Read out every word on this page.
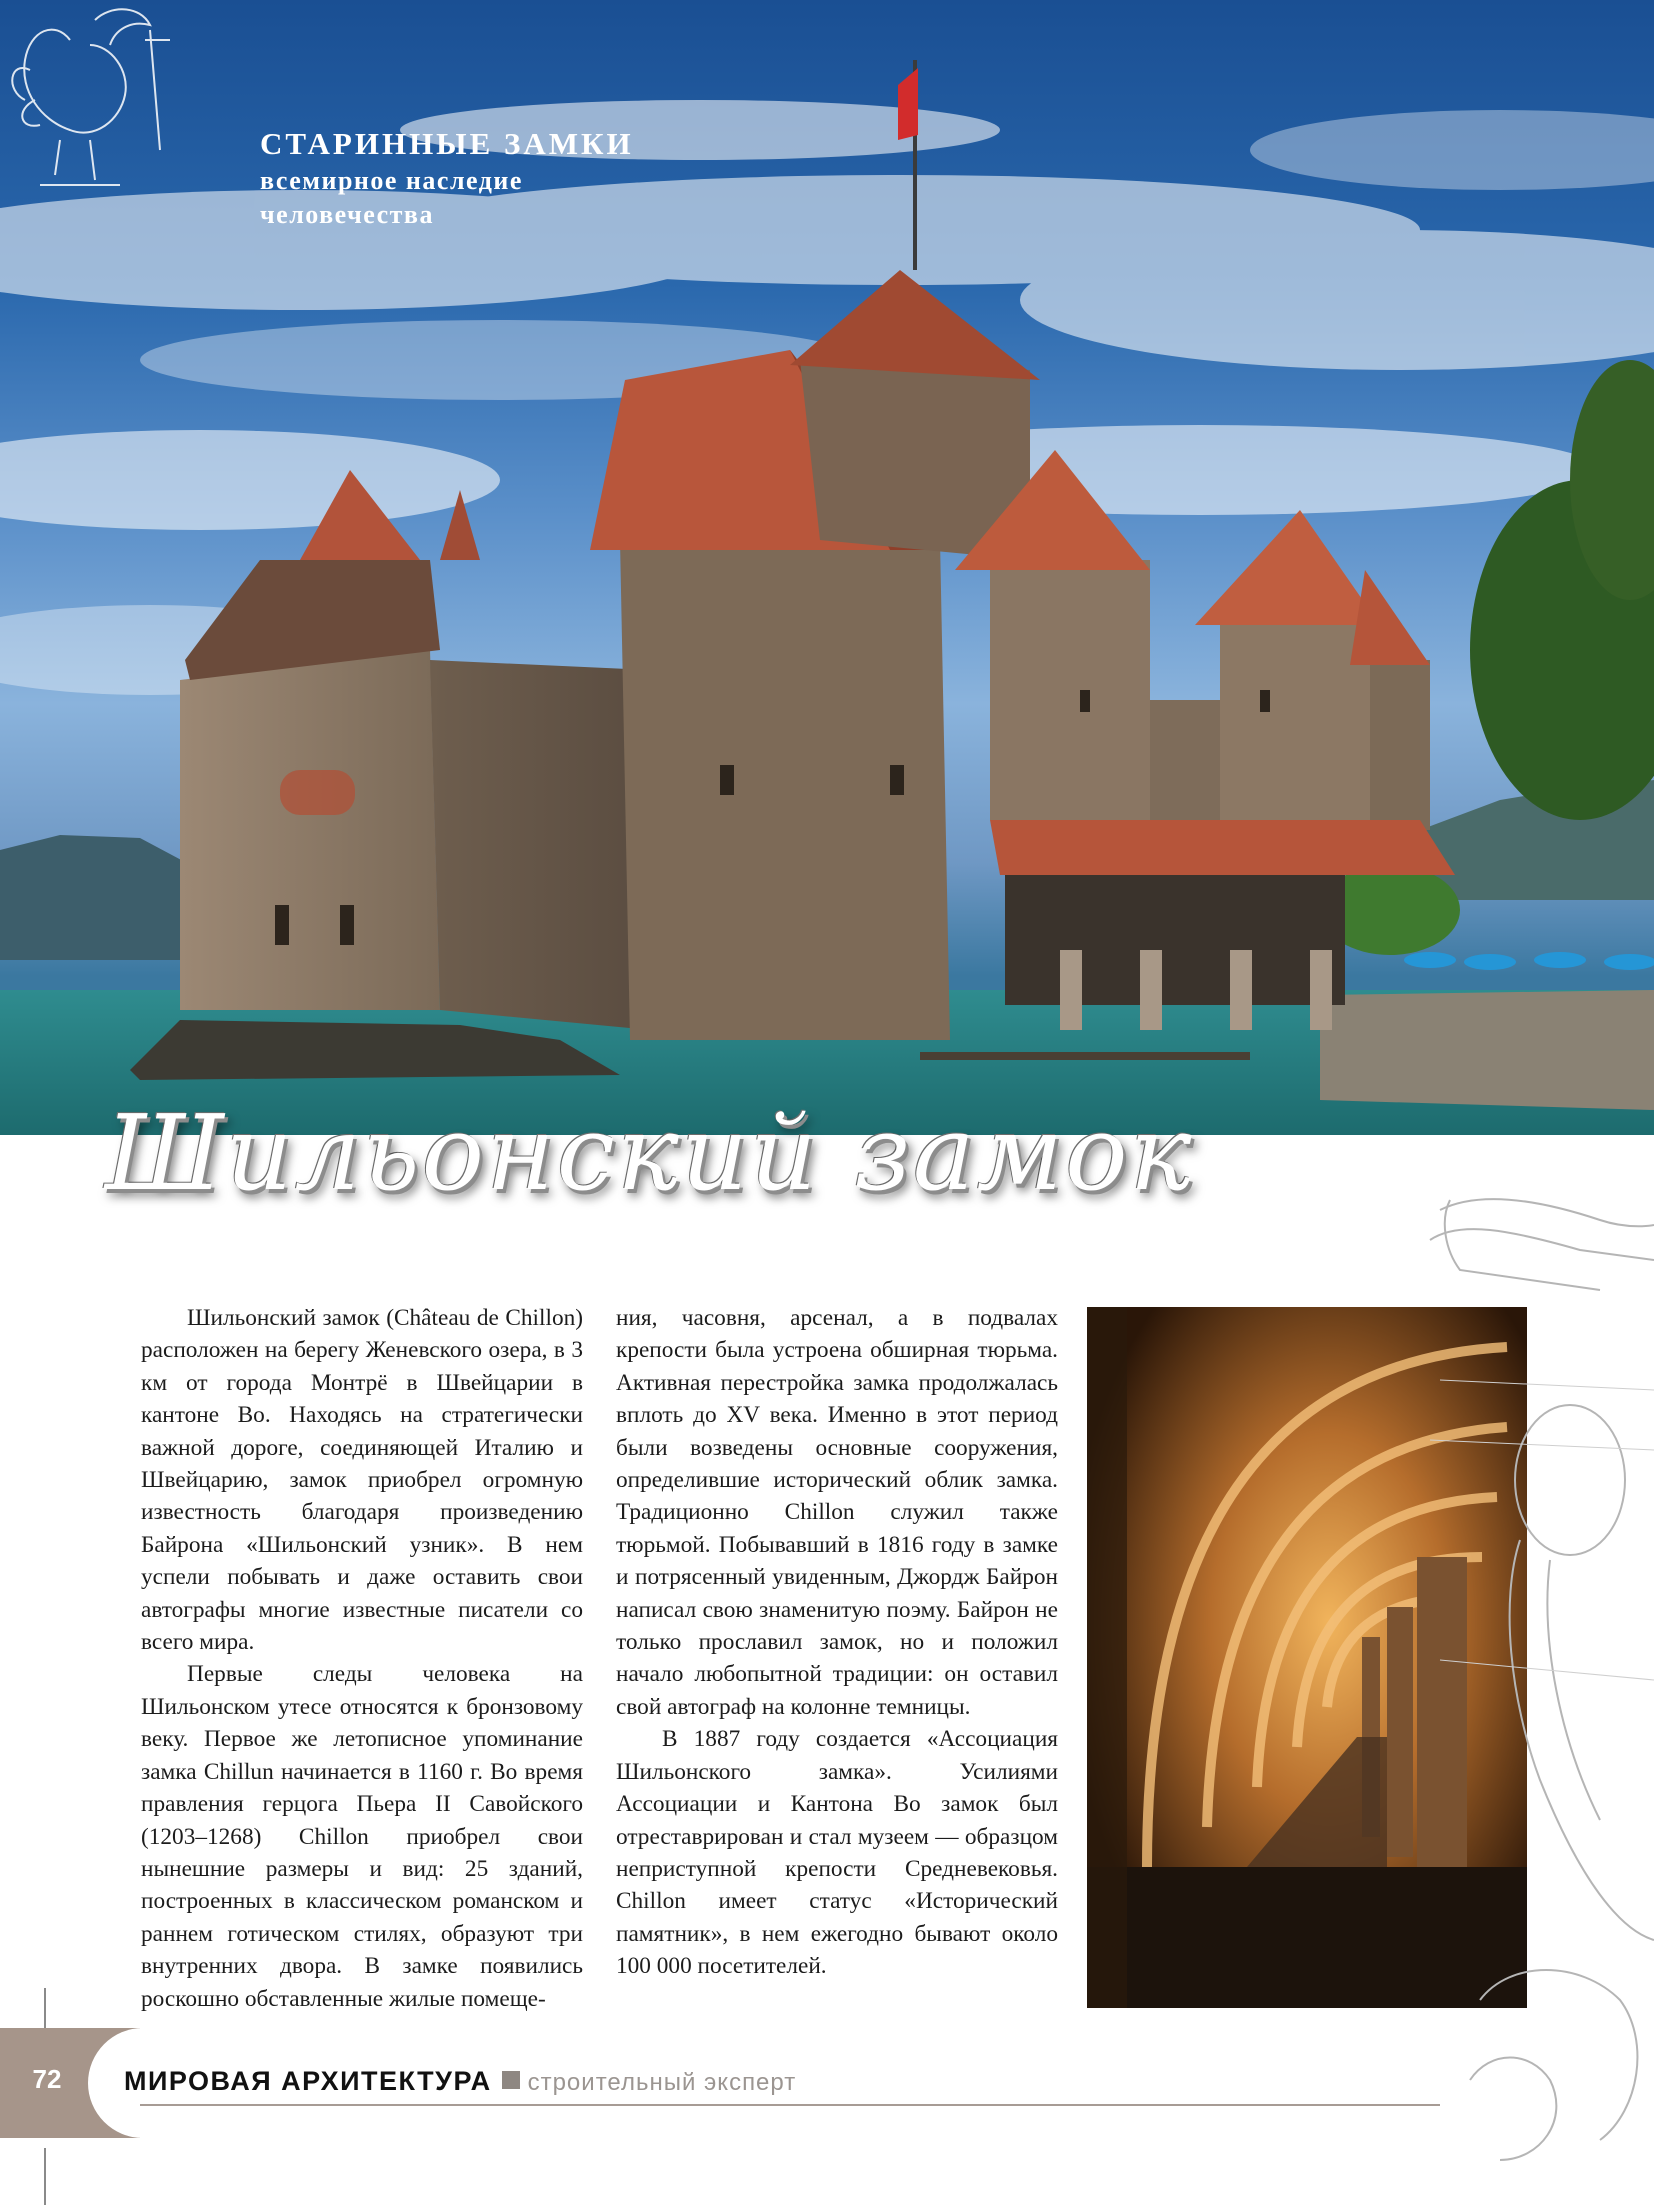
СТАРИННЫЕ ЗАМКИ
всемирное наследие
человечества
Шильонский замок

Шильонский замок (Château de Chillon) расположен на берегу Женевского озера, в 3 км от города Монтрё в Швейцарии в кантоне Во. Находясь на стратегически важной дороге, соединяющей Италию и Швейцарию, замок приобрел огромную известность благодаря произведению Байрона «Шильонский узник». В нем успели побывать и даже оставить свои автографы многие известные писатели со всего мира.

Первые следы человека на Шильонском утесе относятся к бронзовому веку. Первое же летописное упоминание замка Chillun начинается в 1160 г. Во время правления герцога Пьера II Савойского (1203–1268) Chillon приобрел свои нынешние размеры и вид: 25 зданий, построенных в классическом романском и раннем готическом стилях, образуют три внутренних двора. В замке появились роскошно обставленные жилые помеще-

ния, часовня, арсенал, а в подвалах крепости была устроена обширная тюрьма. Активная перестройка замка продолжалась вплоть до XV века. Именно в этот период были возведены основные сооружения, определившие исторический облик замка. Традиционно Chillon служил также тюрьмой. Побывавший в 1816 году в замке и потрясенный увиденным, Джордж Байрон написал свою знаменитую поэму. Байрон не только прославил замок, но и положил начало любопытной традиции: он оставил свой автограф на колонне темницы.

В 1887 году создается «Ассоциация Шильонского замка». Усилиями Ассоциации и Кантона Во замок был отреставрирован и стал музеем — образцом неприступной крепости Средневековья. Chillon имеет статус «Исторический памятник», в нем ежегодно бывают около 100 000 посетителей.

72	МИРОВАЯ АРХИТЕКТУРА строительный эксперт
